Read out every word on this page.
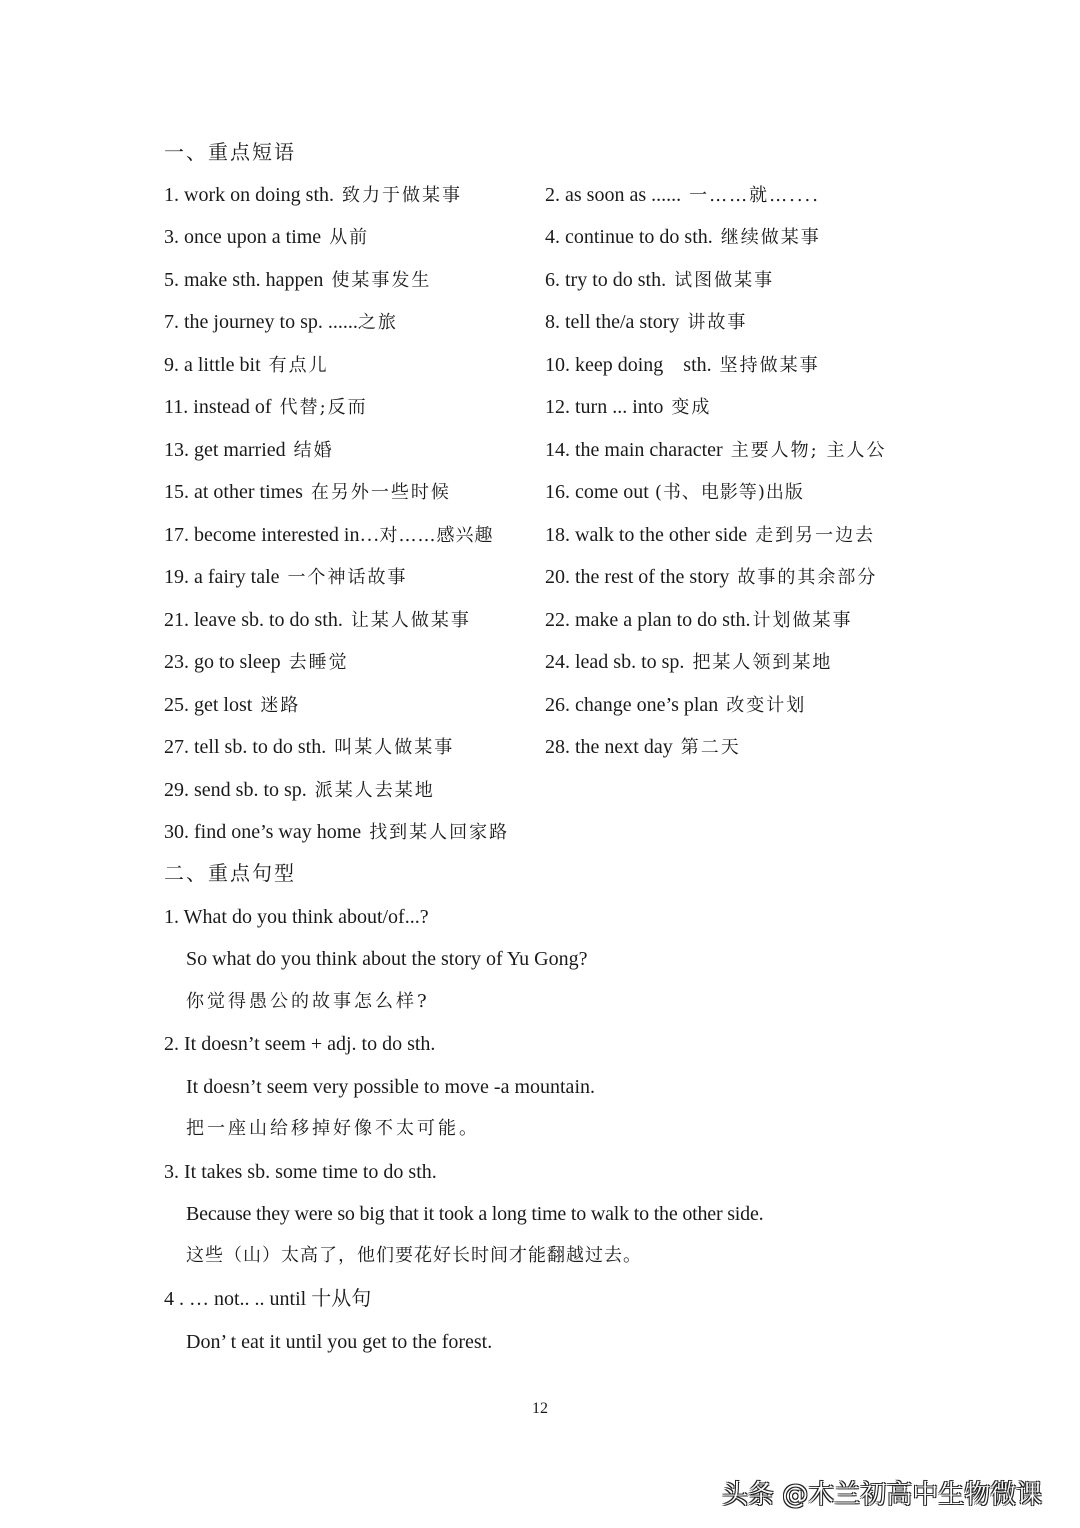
一、重点短语
1. work on doing sth. 致力于做某事	2. as soon as ...... 一……就…....
3. once upon a time 从前	4. continue to do sth. 继续做某事
5. make sth. happen 使某事发生	6. try to do sth. 试图做某事
7. the journey to sp. ......之旅	8. tell the/a story 讲故事
9. a little bit 有点儿	10. keep doing    sth. 坚持做某事
11. instead of 代替;反而	12. turn ... into 变成
13. get married 结婚	14. the main character 主要人物; 主人公
15. at other times 在另外一些时候	16. come out (书、电影等)出版
17. become interested in…对……感兴趣	18. walk to the other side 走到另一边去
19. a fairy tale 一个神话故事	20. the rest of the story 故事的其余部分
21. leave sb. to do sth. 让某人做某事	22. make a plan to do sth. 计划做某事
23. go to sleep 去睡觉	24. lead sb. to sp. 把某人领到某地
25. get lost 迷路	26. change one’s plan 改变计划
27. tell sb. to do sth. 叫某人做某事	28. the next day 第二天
29. send sb. to sp. 派某人去某地
30. find one’s way home 找到某人回家路
二、重点句型
1. What do you think about/of...?
So what do you think about the story of Yu Gong?
你觉得愚公的故事怎么样?
2. It doesn’t seem + adj. to do sth.
It doesn’t seem very possible to move -a mountain.
把一座山给移掉好像不太可能。
3. It takes sb. some time to do sth.
Because they were so big that it took a long time to walk to the other side.
这些（山）太高了，他们要花好长时间才能翻越过去。
4 . … not.. .. until 十从句
Don’ t eat it until you get to the forest.
12
头条 @木兰初高中生物微课
